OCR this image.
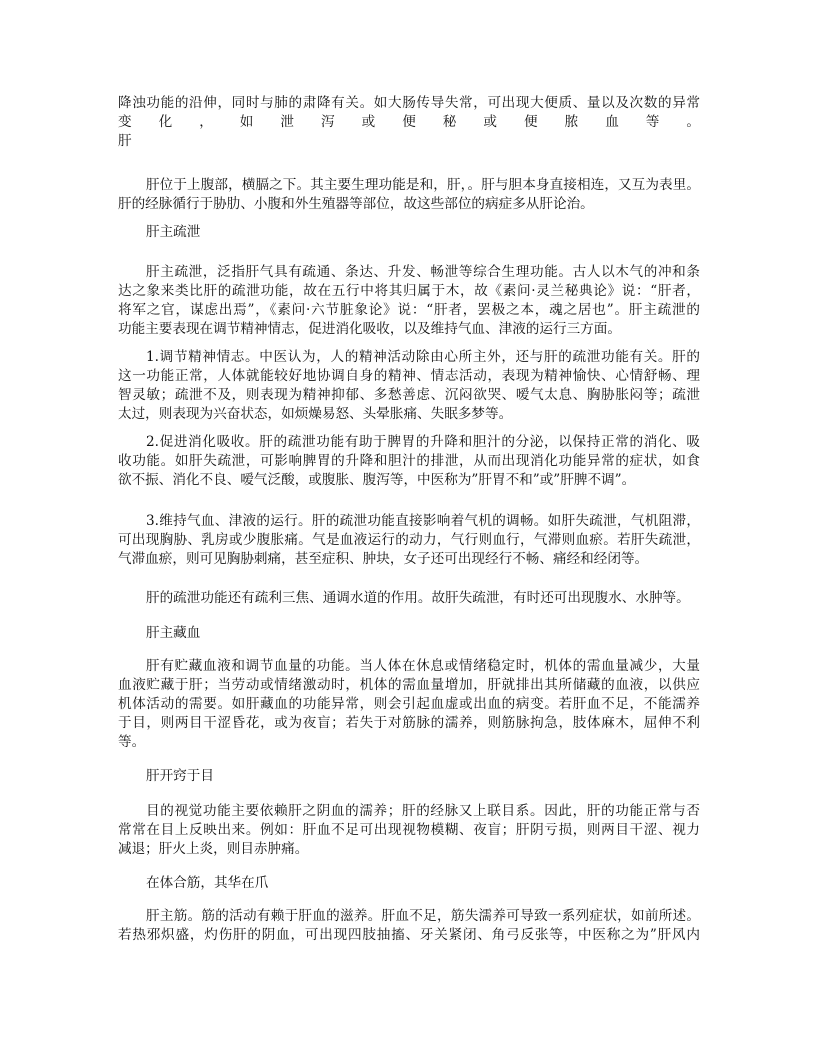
降浊功能的沿伸，同时与肺的肃降有关。如大肠传导失常，可出现大便质、量以及次数的异常
变化，如泄泻或便秘或便脓血等。
肝
肝位于上腹部，横膈之下。其主要生理功能是和，肝，。肝与胆本身直接相连，又互为表里。
肝的经脉循行于胁肋、小腹和外生殖器等部位，故这些部位的病症多从肝论治。
肝主疏泄
肝主疏泄，泛指肝气具有疏通、条达、升发、畅泄等综合生理功能。古人以木气的冲和条
达之象来类比肝的疏泄功能，故在五行中将其归属于木，故《素问·灵兰秘典论》说：“肝者，
将军之官，谋虑出焉”，《素问·六节脏象论》说：“肝者，罢极之本，魂之居也”。肝主疏泄的
功能主要表现在调节精神情志，促进消化吸收，以及维持气血、津液的运行三方面。
1.调节精神情志。中医认为，人的精神活动除由心所主外，还与肝的疏泄功能有关。肝的
这一功能正常，人体就能较好地协调自身的精神、情志活动，表现为精神愉快、心情舒畅、理
智灵敏；疏泄不及，则表现为精神抑郁、多愁善虑、沉闷欲哭、嗳气太息、胸胁胀闷等；疏泄
太过，则表现为兴奋状态，如烦燥易怒、头晕胀痛、失眠多梦等。
2.促进消化吸收。肝的疏泄功能有助于脾胃的升降和胆汁的分泌，以保持正常的消化、吸
收功能。如肝失疏泄，可影响脾胃的升降和胆汁的排泄，从而出现消化功能异常的症状，如食
欲不振、消化不良、嗳气泛酸，或腹胀、腹泻等，中医称为”肝胃不和”或”肝脾不调”。
3.维持气血、津液的运行。肝的疏泄功能直接影响着气机的调畅。如肝失疏泄，气机阻滞，
可出现胸胁、乳房或少腹胀痛。气是血液运行的动力，气行则血行，气滞则血瘀。若肝失疏泄，
气滞血瘀，则可见胸胁刺痛，甚至症积、肿块，女子还可出现经行不畅、痛经和经闭等。
肝的疏泄功能还有疏利三焦、通调水道的作用。故肝失疏泄，有时还可出现腹水、水肿等。
肝主藏血
肝有贮藏血液和调节血量的功能。当人体在休息或情绪稳定时，机体的需血量减少，大量
血液贮藏于肝；当劳动或情绪激动时，机体的需血量增加，肝就排出其所储藏的血液，以供应
机体活动的需要。如肝藏血的功能异常，则会引起血虚或出血的病变。若肝血不足，不能濡养
于目，则两目干涩昏花，或为夜盲；若失于对筋脉的濡养，则筋脉拘急，肢体麻木，屈伸不利
等。
肝开窍于目
目的视觉功能主要依赖肝之阴血的濡养；肝的经脉又上联目系。因此，肝的功能正常与否
常常在目上反映出来。例如：肝血不足可出现视物模糊、夜盲；肝阴亏损，则两目干涩、视力
减退；肝火上炎，则目赤肿痛。
在体合筋，其华在爪
肝主筋。筋的活动有赖于肝血的滋养。肝血不足，筋失濡养可导致一系列症状，如前所述。
若热邪炽盛，灼伤肝的阴血，可出现四肢抽搐、牙关紧闭、角弓反张等，中医称之为”肝风内
